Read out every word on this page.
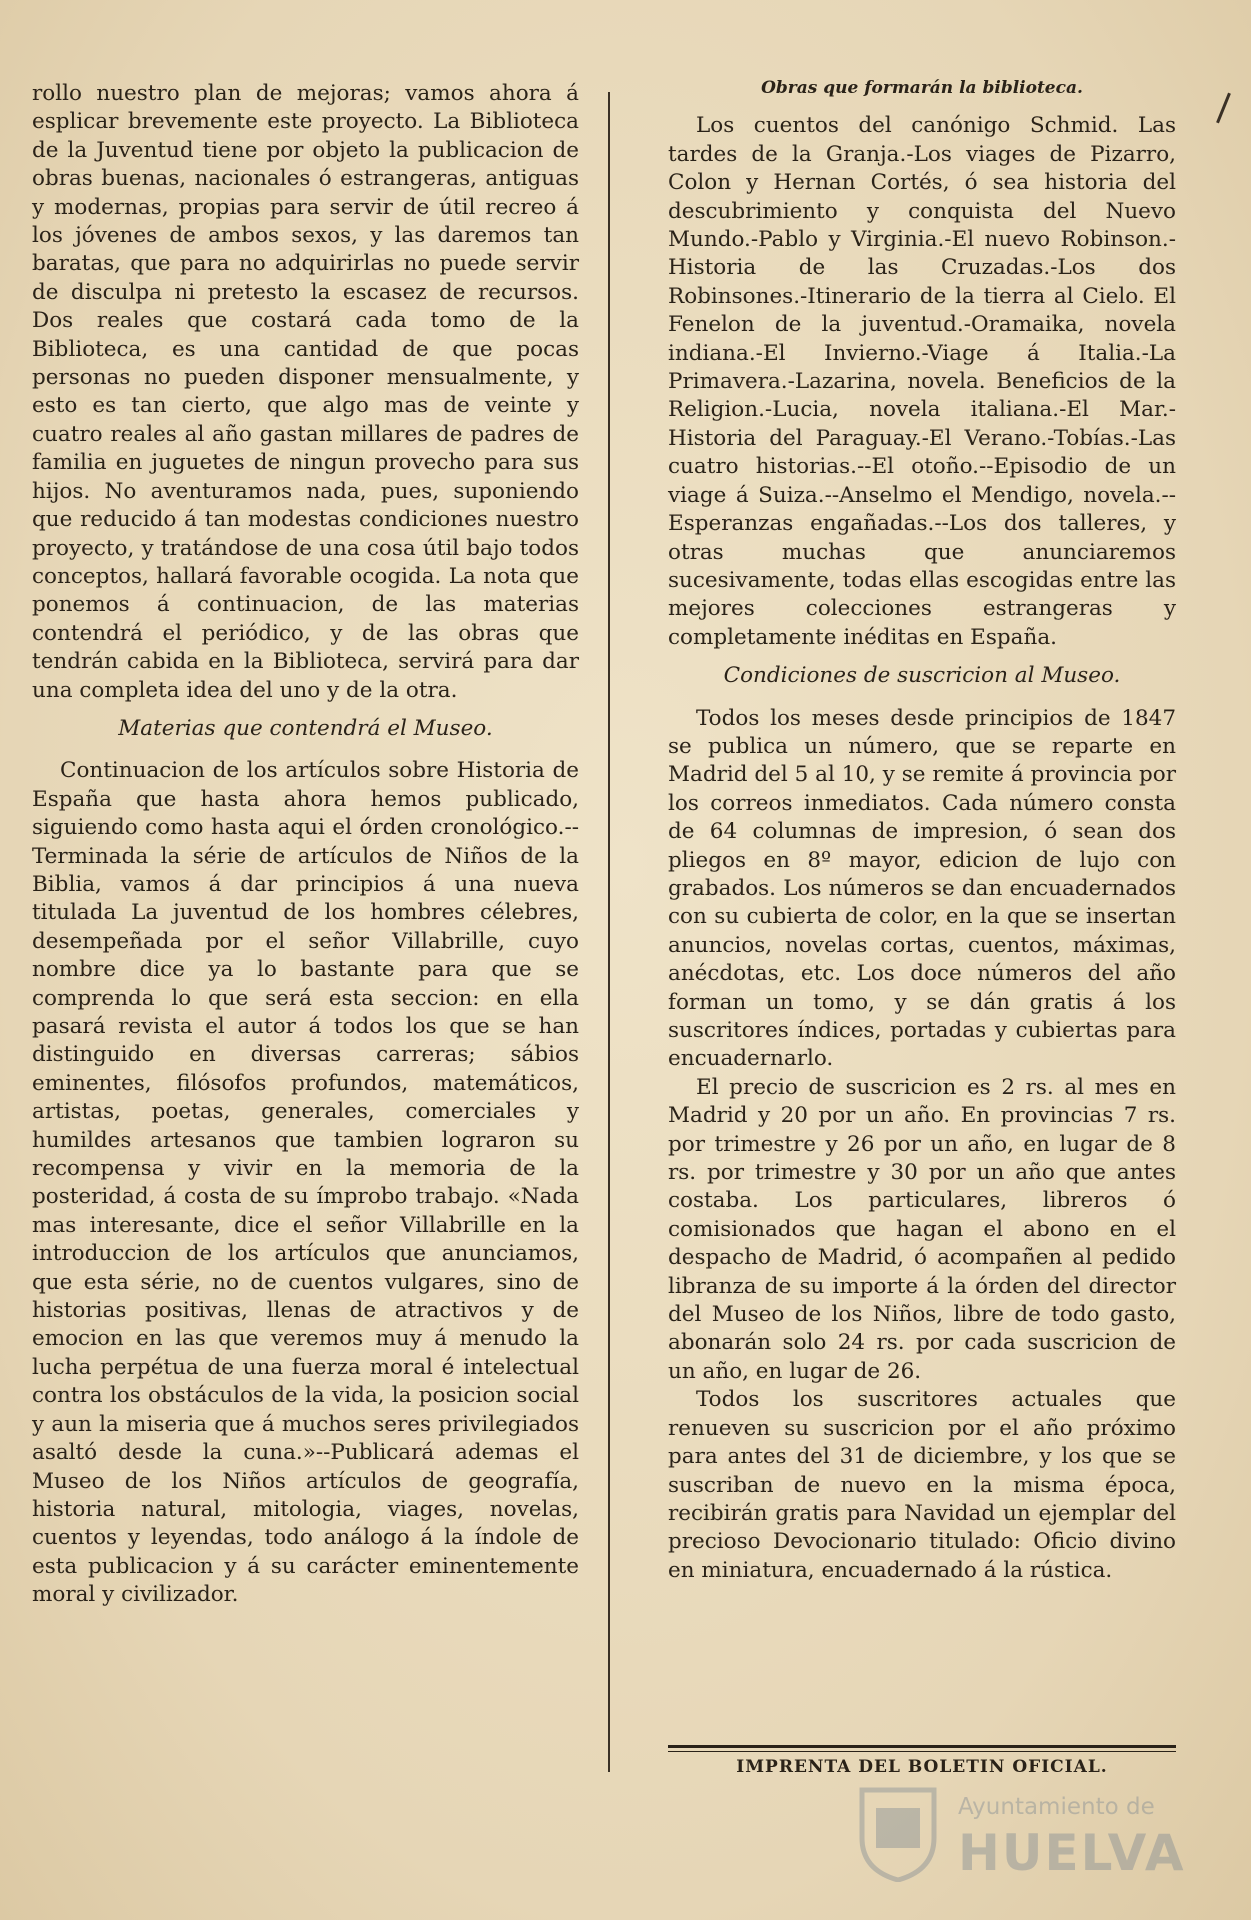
rollo nuestro plan de mejoras; vamos ahora á esplicar brevemente este proyecto. La Biblioteca de la Juventud tiene por objeto la publicacion de obras buenas, nacionales ó estrangeras, antiguas y modernas, propias para servir de útil recreo á los jóvenes de ambos sexos, y las daremos tan baratas, que para no adquirirlas no puede servir de disculpa ni pretesto la escasez de recursos. Dos reales que costará cada tomo de la Biblioteca, es una cantidad de que pocas personas no pueden disponer mensualmente, y esto es tan cierto, que algo mas de veinte y cuatro reales al año gastan millares de padres de familia en juguetes de ningun provecho para sus hijos. No aventuramos nada, pues, suponiendo que reducido á tan modestas condiciones nuestro proyecto, y tratándose de una cosa útil bajo todos conceptos, hallará favorable ocogida. La nota que ponemos á continuacion, de las materias contendrá el periódico, y de las obras que tendrán cabida en la Biblioteca, servirá para dar una completa idea del uno y de la otra.

Materias que contendrá el Museo.

Continuacion de los artículos sobre Historia de España que hasta ahora hemos publicado, siguiendo como hasta aqui el órden cronológico.--Terminada la série de artículos de Niños de la Biblia, vamos á dar principios á una nueva titulada La juventud de los hombres célebres, desempeñada por el señor Villabrille, cuyo nombre dice ya lo bastante para que se comprenda lo que será esta seccion: en ella pasará revista el autor á todos los que se han distinguido en diversas carreras; sábios eminentes, filósofos profundos, matemáticos, artistas, poetas, generales, comerciales y humildes artesanos que tambien lograron su recompensa y vivir en la memoria de la posteridad, á costa de su ímprobo trabajo. «Nada mas interesante, dice el señor Villabrille en la introduccion de los artículos que anunciamos, que esta série, no de cuentos vulgares, sino de historias positivas, llenas de atractivos y de emocion en las que veremos muy á menudo la lucha perpétua de una fuerza moral é intelectual contra los obstáculos de la vida, la posicion social y aun la miseria que á muchos seres privilegiados asaltó desde la cuna.»--Publicará ademas el Museo de los Niños artículos de geografía, historia natural, mitologia, viages, novelas, cuentos y leyendas, todo análogo á la índole de esta publicacion y á su carácter eminentemente moral y civilizador.

Obras que formarán la biblioteca.

Los cuentos del canónigo Schmid. Las tardes de la Granja.-Los viages de Pizarro, Colon y Hernan Cortés, ó sea historia del descubrimiento y conquista del Nuevo Mundo.-Pablo y Virginia.-El nuevo Robinson.-Historia de las Cruzadas.-Los dos Robinsones.-Itinerario de la tierra al Cielo. El Fenelon de la juventud.-Oramaika, novela indiana.-El Invierno.-Viage á Italia.-La Primavera.-Lazarina, novela. Beneficios de la Religion.-Lucia, novela italiana.-El Mar.-Historia del Paraguay.-El Verano.-Tobías.-Las cuatro historias.--El otoño.--Episodio de un viage á Suiza.--Anselmo el Mendigo, novela.--Esperanzas engañadas.--Los dos talleres, y otras muchas que anunciaremos sucesivamente, todas ellas escogidas entre las mejores colecciones estrangeras y completamente inéditas en España.

Condiciones de suscricion al Museo.

Todos los meses desde principios de 1847 se publica un número, que se reparte en Madrid del 5 al 10, y se remite á provincia por los correos inmediatos. Cada número consta de 64 columnas de impresion, ó sean dos pliegos en 8º mayor, edicion de lujo con grabados. Los números se dan encuadernados con su cubierta de color, en la que se insertan anuncios, novelas cortas, cuentos, máximas, anécdotas, etc. Los doce números del año forman un tomo, y se dán gratis á los suscritores índices, portadas y cubiertas para encuadernarlo.

El precio de suscricion es 2 rs. al mes en Madrid y 20 por un año. En provincias 7 rs. por trimestre y 26 por un año, en lugar de 8 rs. por trimestre y 30 por un año que antes costaba. Los particulares, libreros ó comisionados que hagan el abono en el despacho de Madrid, ó acompañen al pedido libranza de su importe á la órden del director del Museo de los Niños, libre de todo gasto, abonarán solo 24 rs. por cada suscricion de un año, en lugar de 26.

Todos los suscritores actuales que renueven su suscricion por el año próximo para antes del 31 de diciembre, y los que se suscriban de nuevo en la misma época, recibirán gratis para Navidad un ejemplar del precioso Devocionario titulado: Oficio divino en miniatura, encuadernado á la rústica.

IMPRENTA DEL BOLETIN OFICIAL.
Ayuntamiento de
HUELVA
